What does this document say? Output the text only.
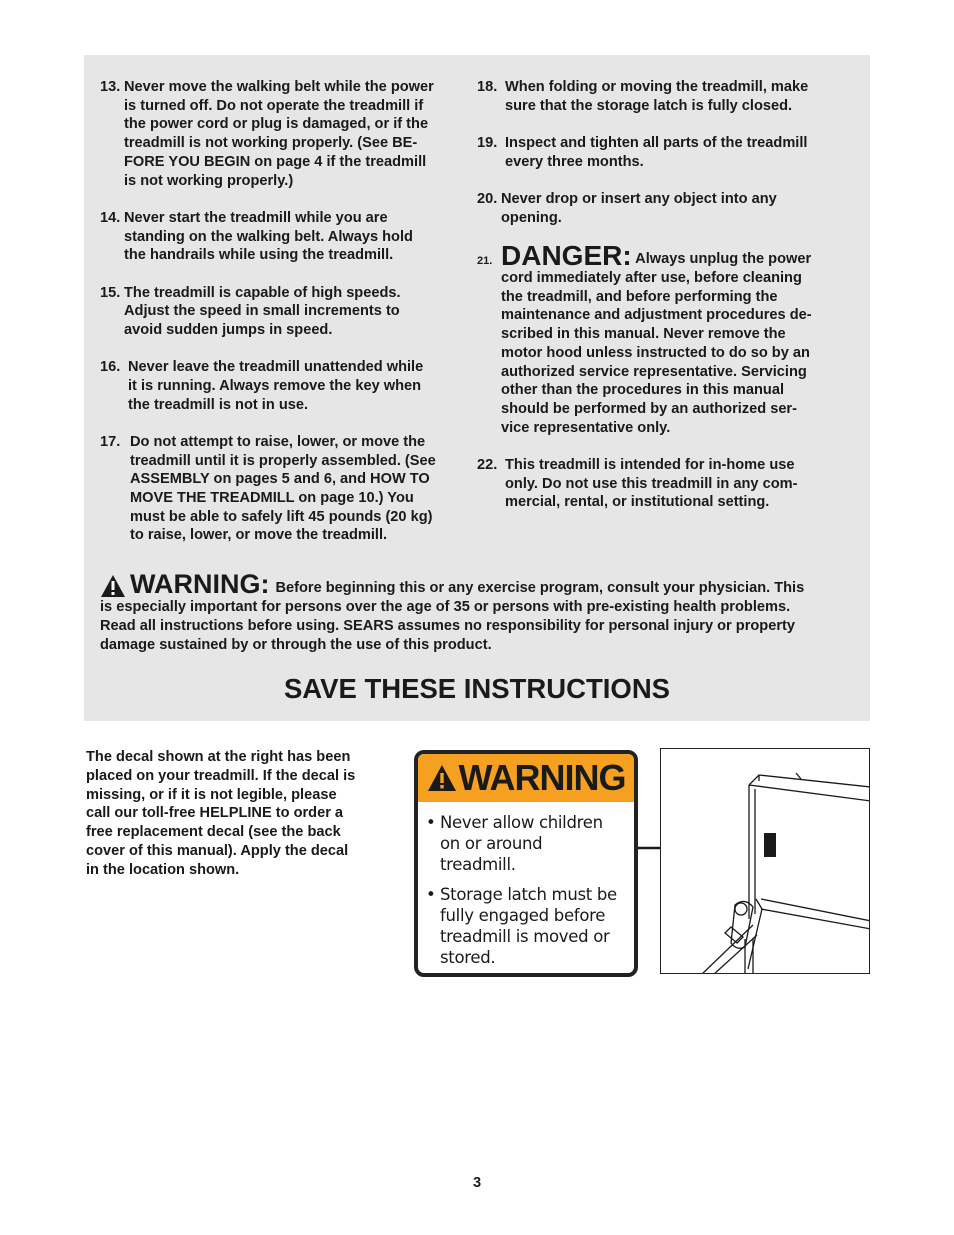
13. Never move the walking belt while the power
is turned off. Do not operate the treadmill if
the power cord or plug is damaged, or if the
treadmill is not working properly. (See BE-
FORE YOU BEGIN on page 4 if the treadmill
is not working properly.)
14. Never start the treadmill while you are
standing on the walking belt. Always hold
the handrails while using the treadmill.
15. The treadmill is capable of high speeds.
Adjust the speed in small increments to
avoid sudden jumps in speed.
16. Never leave the treadmill unattended while
it is running. Always remove the key when
the treadmill is not in use.
17. Do not attempt to raise, lower, or move the
treadmill until it is properly assembled. (See
ASSEMBLY on pages 5 and 6, and HOW TO
MOVE THE TREADMILL on page 10.) You
must be able to safely lift 45 pounds (20 kg)
to raise, lower, or move the treadmill.
18. When folding or moving the treadmill, make
sure that the storage latch is fully closed.
19. Inspect and tighten all parts of the treadmill
every three months.
20. Never drop or insert any object into any
opening.
21. DANGER: Always unplug the power
cord immediately after use, before cleaning
the treadmill, and before performing the
maintenance and adjustment procedures de-
scribed in this manual. Never remove the
motor hood unless instructed to do so by an
authorized service representative. Servicing
other than the procedures in this manual
should be performed by an authorized ser-
vice representative only.
22. This treadmill is intended for in-home use
only. Do not use this treadmill in any com-
mercial, rental, or institutional setting.
WARNING: Before beginning this or any exercise program, consult your physician. This
is especially important for persons over the age of 35 or persons with pre-existing health problems.
Read all instructions before using. SEARS assumes no responsibility for personal injury or property
damage sustained by or through the use of this product.
SAVE THESE INSTRUCTIONS
The decal shown at the right has been
placed on your treadmill. If the decal is
missing, or if it is not legible, please
call our toll-free HELPLINE to order a
free replacement decal (see the back
cover of this manual). Apply the decal
in the location shown.
WARNING
• Never allow children
on or around
treadmill.
• Storage latch must be
fully engaged before
treadmill is moved or
stored.
3
